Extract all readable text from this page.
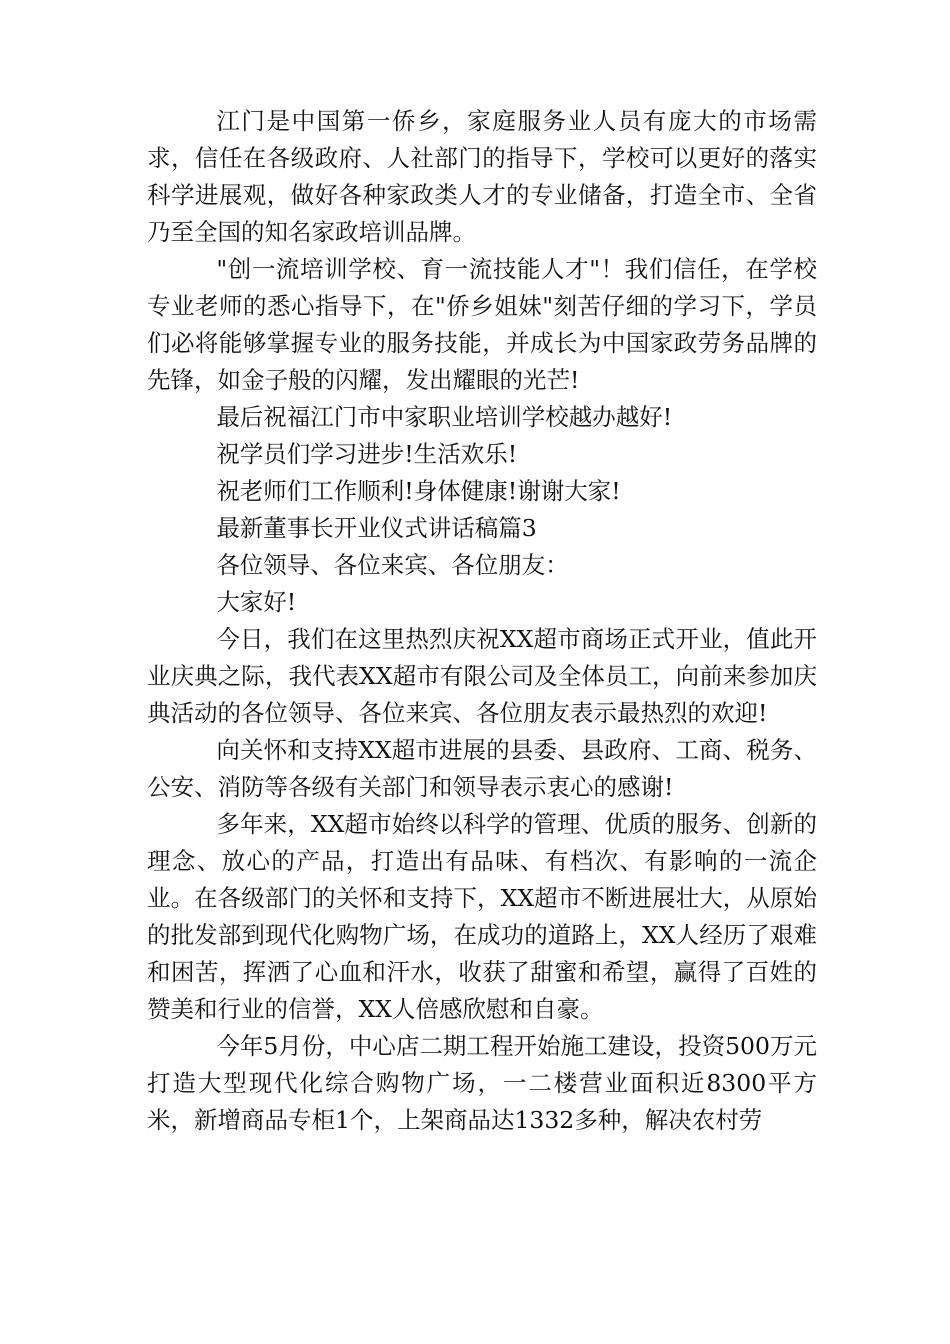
江门是中国第一侨乡，家庭服务业人员有庞大的市场需求，信任在各级政府、人社部门的指导下，学校可以更好的落实科学进展观，做好各种家政类人才的专业储备，打造全市、全省乃至全国的知名家政培训品牌。

"创一流培训学校、育一流技能人才"！我们信任，在学校专业老师的悉心指导下，在"侨乡姐妹"刻苦仔细的学习下，学员们必将能够掌握专业的服务技能，并成长为中国家政劳务品牌的先锋，如金子般的闪耀，发出耀眼的光芒!

最后祝福江门市中家职业培训学校越办越好!

祝学员们学习进步!生活欢乐!

祝老师们工作顺利!身体健康!谢谢大家!

最新董事长开业仪式讲话稿篇3

各位领导、各位来宾、各位朋友：

大家好!

今日，我们在这里热烈庆祝XX超市商场正式开业，值此开业庆典之际，我代表XX超市有限公司及全体员工，向前来参加庆典活动的各位领导、各位来宾、各位朋友表示最热烈的欢迎!

向关怀和支持XX超市进展的县委、县政府、工商、税务、公安、消防等各级有关部门和领导表示衷心的感谢!

多年来，XX超市始终以科学的管理、优质的服务、创新的理念、放心的产品，打造出有品味、有档次、有影响的一流企业。在各级部门的关怀和支持下，XX超市不断进展壮大，从原始的批发部到现代化购物广场，在成功的道路上，XX人经历了艰难和困苦，挥洒了心血和汗水，收获了甜蜜和希望，赢得了百姓的赞美和行业的信誉，XX人倍感欣慰和自豪。

今年5月份，中心店二期工程开始施工建设，投资500万元打造大型现代化综合购物广场，一二楼营业面积近8300平方米，新增商品专柜1个，上架商品达1332多种，解决农村劳
